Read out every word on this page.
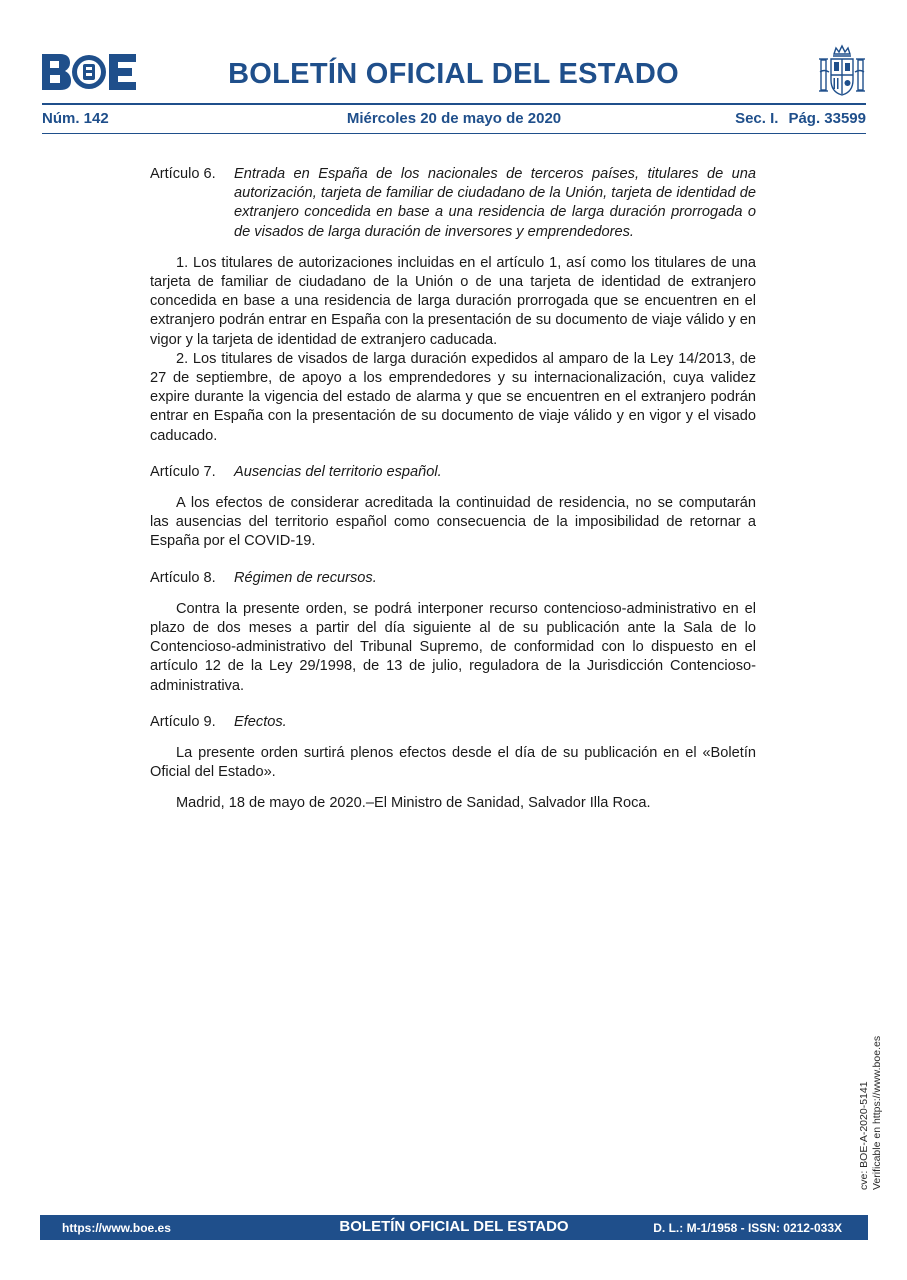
BOLETÍN OFICIAL DEL ESTADO
Núm. 142	Miércoles 20 de mayo de 2020	Sec. I. Pág. 33599

Artículo 6. Entrada en España de los nacionales de terceros países, titulares de una autorización, tarjeta de familiar de ciudadano de la Unión, tarjeta de identidad de extranjero concedida en base a una residencia de larga duración prorrogada o de visados de larga duración de inversores y emprendedores.

1. Los titulares de autorizaciones incluidas en el artículo 1, así como los titulares de una tarjeta de familiar de ciudadano de la Unión o de una tarjeta de identidad de extranjero concedida en base a una residencia de larga duración prorrogada que se encuentren en el extranjero podrán entrar en España con la presentación de su documento de viaje válido y en vigor y la tarjeta de identidad de extranjero caducada.

2. Los titulares de visados de larga duración expedidos al amparo de la Ley 14/2013, de 27 de septiembre, de apoyo a los emprendedores y su internacionalización, cuya validez expire durante la vigencia del estado de alarma y que se encuentren en el extranjero podrán entrar en España con la presentación de su documento de viaje válido y en vigor y el visado caducado.

Artículo 7. Ausencias del territorio español.

A los efectos de considerar acreditada la continuidad de residencia, no se computarán las ausencias del territorio español como consecuencia de la imposibilidad de retornar a España por el COVID-19.

Artículo 8. Régimen de recursos.

Contra la presente orden, se podrá interponer recurso contencioso-administrativo en el plazo de dos meses a partir del día siguiente al de su publicación ante la Sala de lo Contencioso-administrativo del Tribunal Supremo, de conformidad con lo dispuesto en el artículo 12 de la Ley 29/1998, de 13 de julio, reguladora de la Jurisdicción Contencioso-administrativa.

Artículo 9. Efectos.

La presente orden surtirá plenos efectos desde el día de su publicación en el «Boletín Oficial del Estado».

Madrid, 18 de mayo de 2020.–El Ministro de Sanidad, Salvador Illa Roca.

cve: BOE-A-2020-5141 Verificable en https://www.boe.es
https://www.boe.es	BOLETÍN OFICIAL DEL ESTADO	D. L.: M-1/1958 - ISSN: 0212-033X
